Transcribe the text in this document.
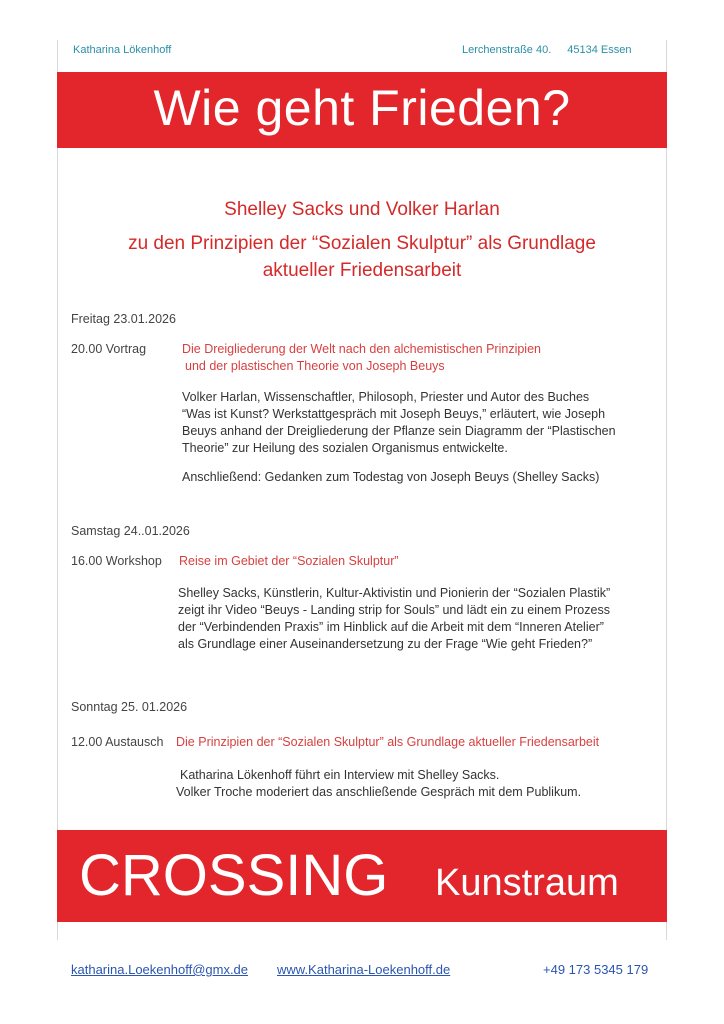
Katharina Lökenhoff	Lerchenstraße 40. 45134 Essen
Wie geht Frieden?
Shelley Sacks und Volker Harlan
zu den Prinzipien der “Sozialen Skulptur” als Grundlage
aktueller Friedensarbeit
Freitag 23.01.2026
20.00 Vortrag	Die Dreigliederung der Welt nach den alchemistischen Prinzipien
und der plastischen Theorie von Joseph Beuys
Volker Harlan, Wissenschaftler, Philosoph, Priester und Autor des Buches
“Was ist Kunst? Werkstattgespräch mit Joseph Beuys,” erläutert, wie Joseph
Beuys anhand der Dreigliederung der Pflanze sein Diagramm der “Plastischen
Theorie” zur Heilung des sozialen Organismus entwickelte.
Anschließend: Gedanken zum Todestag von Joseph Beuys (Shelley Sacks)
Samstag 24..01.2026
16.00 Workshop Reise im Gebiet der “Sozialen Skulptur”
Shelley Sacks, Künstlerin, Kultur-Aktivistin und Pionierin der “Sozialen Plastik”
zeigt ihr Video “Beuys - Landing strip for Souls” und lädt ein zu einem Prozess
der “Verbindenden Praxis” im Hinblick auf die Arbeit mit dem “Inneren Atelier”
als Grundlage einer Auseinandersetzung zu der Frage “Wie geht Frieden?”
Sonntag 25. 01.2026
12.00 Austausch Die Prinzipien der “Sozialen Skulptur” als Grundlage aktueller Friedensarbeit
Katharina Lökenhoff führt ein Interview mit Shelley Sacks.
Volker Troche moderiert das anschließende Gespräch mit dem Publikum.
CROSSING Kunstraum
katharina.Loekenhoff@gmx.de www.Katharina-Loekenhoff.de	+49 173 5345 179
